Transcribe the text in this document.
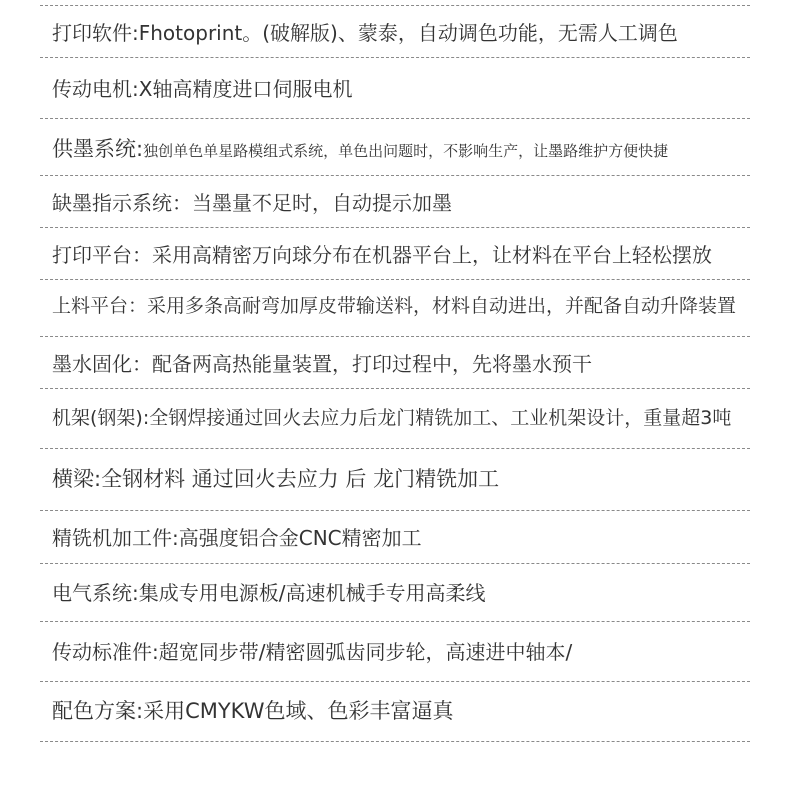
打印软件:Fhotoprint。(破解版)、蒙泰，自动调色功能，无需人工调色
传动电机:X轴高精度进口伺服电机
供墨系统:独创单色单星路模组式系统，单色出问题时，不影响生产，让墨路维护方便快捷
缺墨指示系统：当墨量不足时，自动提示加墨
打印平台：采用高精密万向球分布在机器平台上，让材料在平台上轻松摆放
上料平台：采用多条高耐弯加厚皮带输送料，材料自动进出，并配备自动升降装置
墨水固化：配备两高热能量装置，打印过程中，先将墨水预干
机架(钢架):全钢焊接通过回火去应力后龙门精铣加工、工业机架设计，重量超3吨
横梁:全钢材料 通过回火去应力 后 龙门精铣加工
精铣机加工件:高强度铝合金CNC精密加工
电气系统:集成专用电源板/高速机械手专用高柔线
传动标准件:超宽同步带/精密圆弧齿同步轮，高速进中轴本/
配色方案:采用CMYKW色域、色彩丰富逼真
